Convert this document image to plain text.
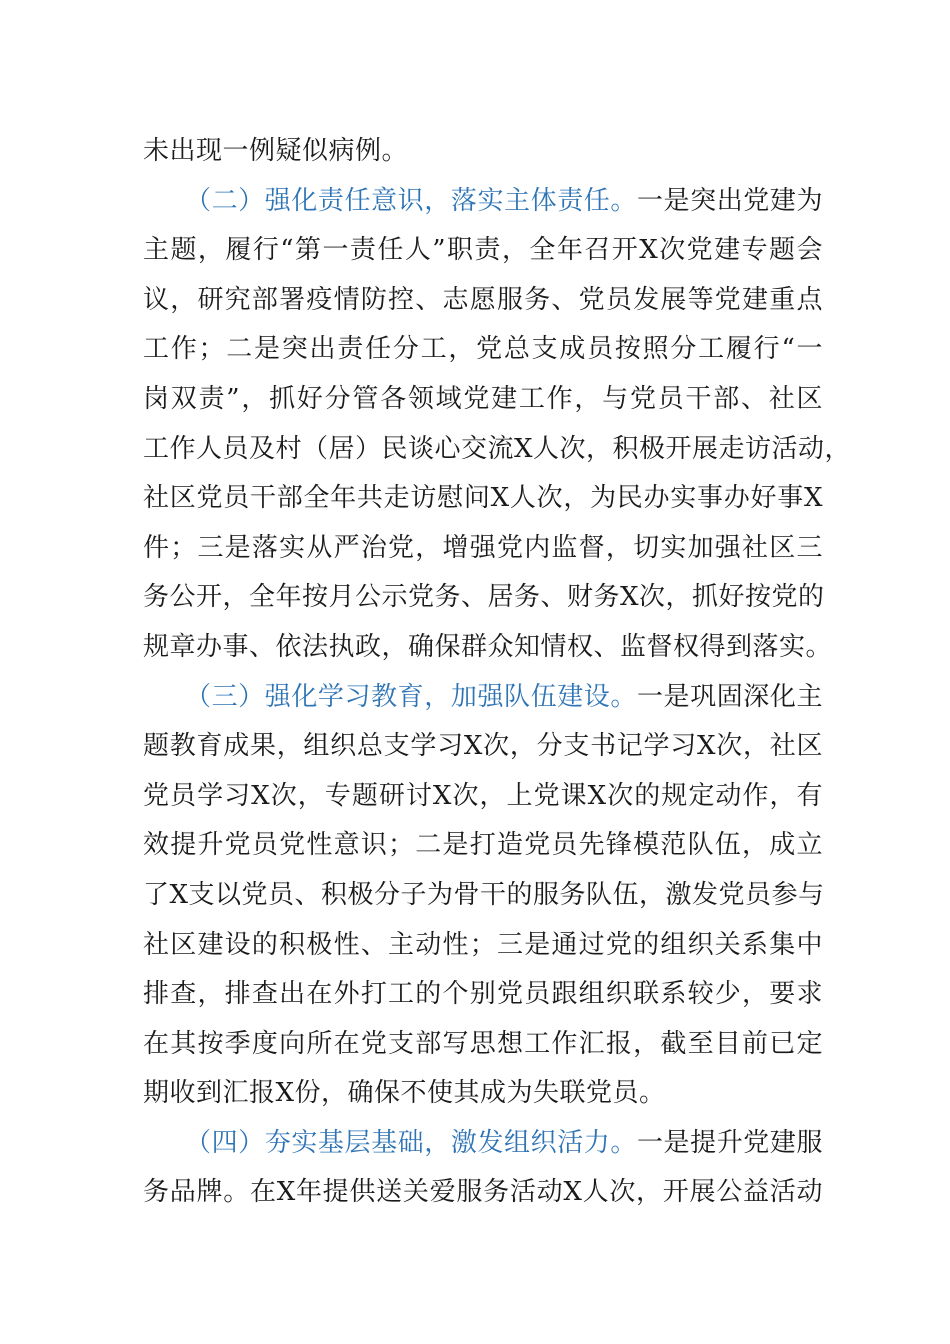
未出现一例疑似病例。
（二）强化责任意识，落实主体责任。一是突出党建为
主题，履行“第一责任人”职责，全年召开X次党建专题会
议，研究部署疫情防控、志愿服务、党员发展等党建重点
工作；二是突出责任分工，党总支成员按照分工履行“一
岗双责”，抓好分管各领域党建工作，与党员干部、社区
工作人员及村（居）民谈心交流X人次，积极开展走访活动，
社区党员干部全年共走访慰问X人次，为民办实事办好事X
件；三是落实从严治党，增强党内监督，切实加强社区三
务公开，全年按月公示党务、居务、财务X次，抓好按党的
规章办事、依法执政，确保群众知情权、监督权得到落实。
（三）强化学习教育，加强队伍建设。一是巩固深化主
题教育成果，组织总支学习X次，分支书记学习X次，社区
党员学习X次，专题研讨X次，上党课X次的规定动作，有
效提升党员党性意识；二是打造党员先锋模范队伍，成立
了X支以党员、积极分子为骨干的服务队伍，激发党员参与
社区建设的积极性、主动性；三是通过党的组织关系集中
排查，排查出在外打工的个别党员跟组织联系较少，要求
在其按季度向所在党支部写思想工作汇报，截至目前已定
期收到汇报X份，确保不使其成为失联党员。
（四）夯实基层基础，激发组织活力。一是提升党建服
务品牌。在X年提供送关爱服务活动X人次，开展公益活动
